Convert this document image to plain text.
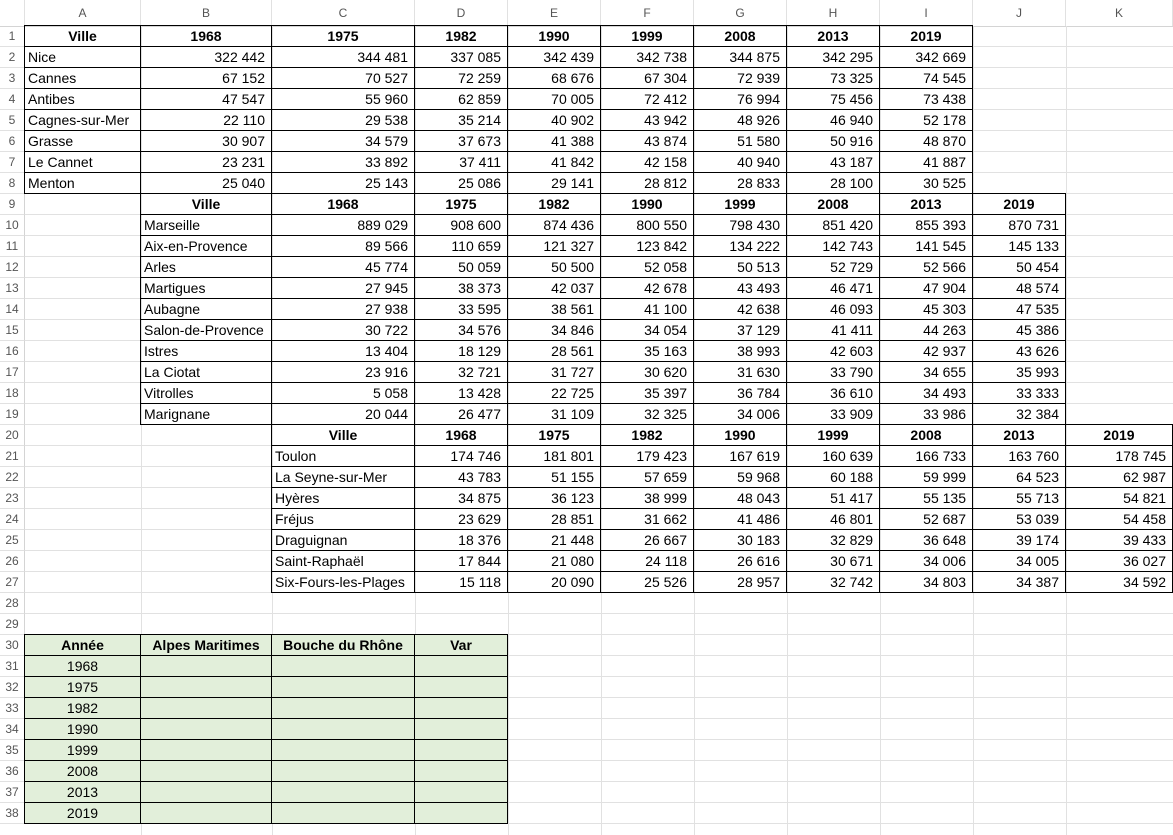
A	B	C	D	E	F	G	H	I	J	K
1
2
3
4
5
6
7
8
9
10
11
12
13
14
15
16
17
18
19
20
21
22
23
24
25
26
27
28
29
30
31
32
33
34
35
36
37
38
Ville	1968	1975	1982	1990	1999	2008	2013	2019
Nice	322 442	344 481	337 085	342 439	342 738	344 875	342 295	342 669
Cannes	67 152	70 527	72 259	68 676	67 304	72 939	73 325	74 545
Antibes	47 547	55 960	62 859	70 005	72 412	76 994	75 456	73 438
Cagnes-sur-Mer	22 110	29 538	35 214	40 902	43 942	48 926	46 940	52 178
Grasse	30 907	34 579	37 673	41 388	43 874	51 580	50 916	48 870
Le Cannet	23 231	33 892	37 411	41 842	42 158	40 940	43 187	41 887
Menton	25 040	25 143	25 086	29 141	28 812	28 833	28 100	30 525
Ville	1968	1975	1982	1990	1999	2008	2013	2019
Marseille	889 029	908 600	874 436	800 550	798 430	851 420	855 393	870 731
Aix-en-Provence	89 566	110 659	121 327	123 842	134 222	142 743	141 545	145 133
Arles	45 774	50 059	50 500	52 058	50 513	52 729	52 566	50 454
Martigues	27 945	38 373	42 037	42 678	43 493	46 471	47 904	48 574
Aubagne	27 938	33 595	38 561	41 100	42 638	46 093	45 303	47 535
Salon-de-Provence	30 722	34 576	34 846	34 054	37 129	41 411	44 263	45 386
Istres	13 404	18 129	28 561	35 163	38 993	42 603	42 937	43 626
La Ciotat	23 916	32 721	31 727	30 620	31 630	33 790	34 655	35 993
Vitrolles	5 058	13 428	22 725	35 397	36 784	36 610	34 493	33 333
Marignane	20 044	26 477	31 109	32 325	34 006	33 909	33 986	32 384
Ville	1968	1975	1982	1990	1999	2008	2013	2019
Toulon	174 746	181 801	179 423	167 619	160 639	166 733	163 760	178 745
La Seyne-sur-Mer	43 783	51 155	57 659	59 968	60 188	59 999	64 523	62 987
Hyères	34 875	36 123	38 999	48 043	51 417	55 135	55 713	54 821
Fréjus	23 629	28 851	31 662	41 486	46 801	52 687	53 039	54 458
Draguignan	18 376	21 448	26 667	30 183	32 829	36 648	39 174	39 433
Saint-Raphaël	17 844	21 080	24 118	26 616	30 671	34 006	34 005	36 027
Six-Fours-les-Plages	15 118	20 090	25 526	28 957	32 742	34 803	34 387	34 592
Année	Alpes Maritimes	Bouche du Rhône	Var
1968
1975
1982
1990
1999
2008
2013
2019
